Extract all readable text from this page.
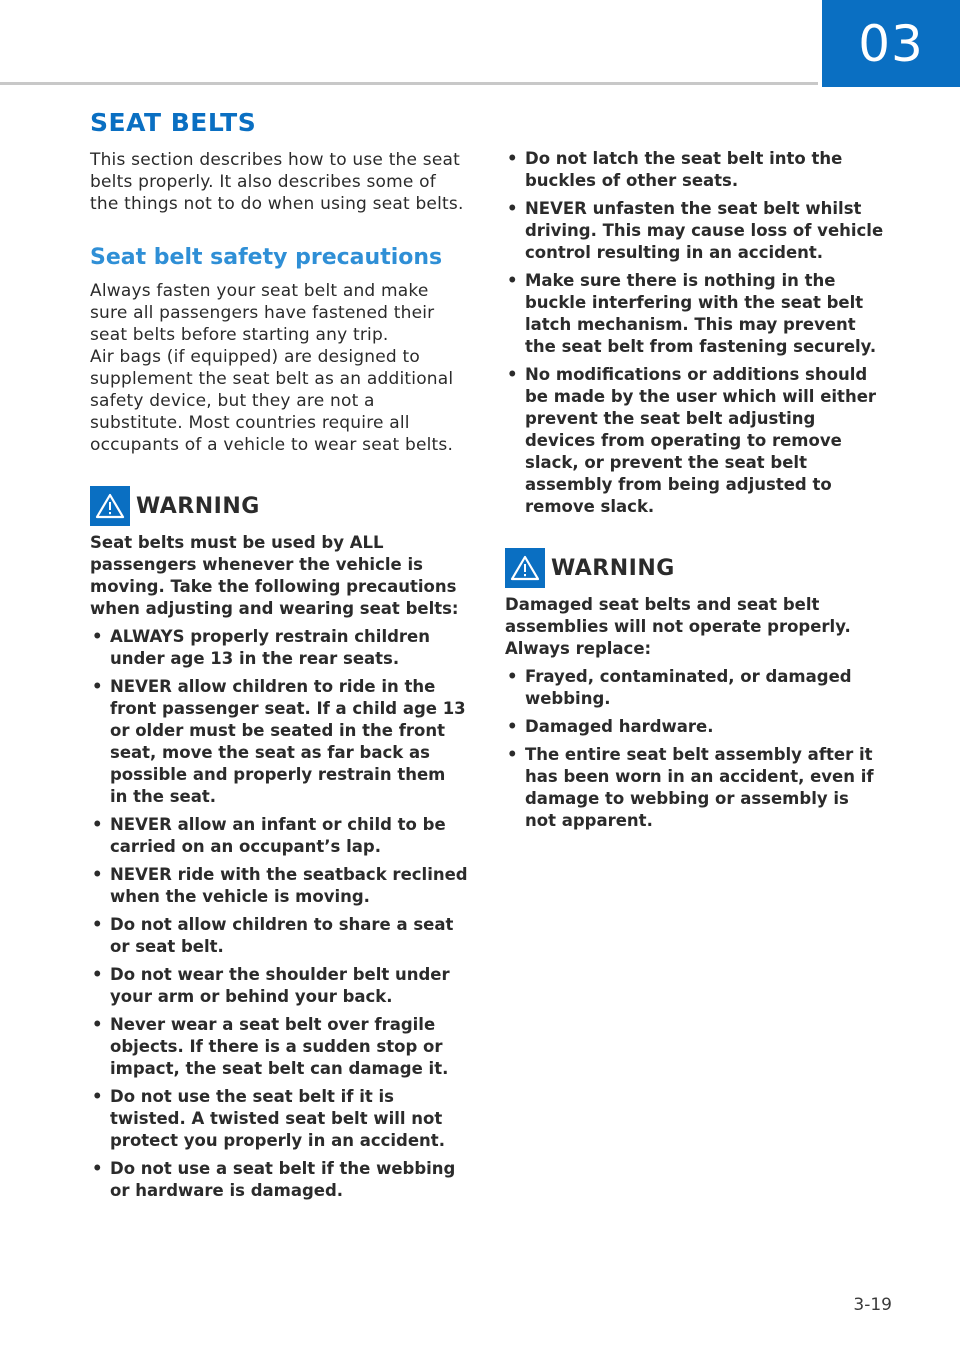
03
SEAT BELTS

This section describes how to use the seat belts properly. It also describes some of the things not to do when using seat belts.

Seat belt safety precautions

Always fasten your seat belt and make sure all passengers have fastened their seat belts before starting any trip.

Air bags (if equipped) are designed to supplement the seat belt as an additional safety device, but they are not a substitute. Most countries require all occupants of a vehicle to wear seat belts.

WARNING

Seat belts must be used by ALL passengers whenever the vehicle is moving. Take the following precautions when adjusting and wearing seat belts:

• ALWAYS properly restrain children under age 13 in the rear seats.
• NEVER allow children to ride in the front passenger seat. If a child age 13 or older must be seated in the front seat, move the seat as far back as possible and properly restrain them in the seat.
• NEVER allow an infant or child to be carried on an occupant’s lap.
• NEVER ride with the seatback reclined when the vehicle is moving.
• Do not allow children to share a seat or seat belt.
• Do not wear the shoulder belt under your arm or behind your back.
• Never wear a seat belt over fragile objects. If there is a sudden stop or impact, the seat belt can damage it.
• Do not use the seat belt if it is twisted. A twisted seat belt will not protect you properly in an accident.
• Do not use a seat belt if the webbing or hardware is damaged.
• Do not latch the seat belt into the buckles of other seats.
• NEVER unfasten the seat belt whilst driving. This may cause loss of vehicle control resulting in an accident.
• Make sure there is nothing in the buckle interfering with the seat belt latch mechanism. This may prevent the seat belt from fastening securely.
• No modifications or additions should be made by the user which will either prevent the seat belt adjusting devices from operating to remove slack, or prevent the seat belt assembly from being adjusted to remove slack.
WARNING

Damaged seat belts and seat belt assemblies will not operate properly. Always replace:

• Frayed, contaminated, or damaged webbing.
• Damaged hardware.
• The entire seat belt assembly after it has been worn in an accident, even if damage to webbing or assembly is not apparent.
3-19
